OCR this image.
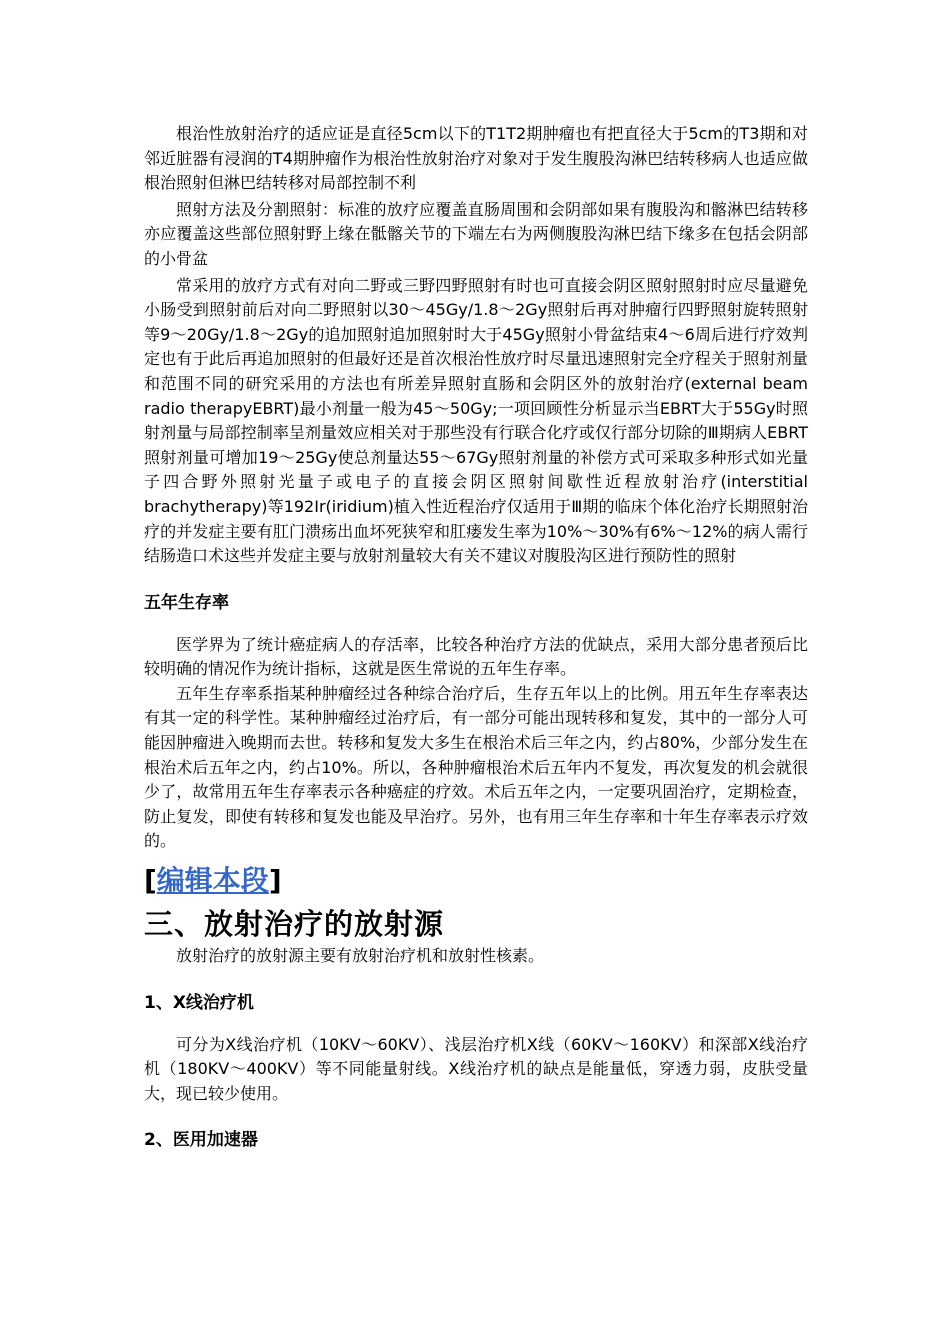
根治性放射治疗的适应证是直径5cm以下的T1T2期肿瘤也有把直径大于5cm的T3期和对邻近脏器有浸润的T4期肿瘤作为根治性放射治疗对象对于发生腹股沟淋巴结转移病人也适应做根治照射但淋巴结转移对局部控制不利

照射方法及分割照射：标准的放疗应覆盖直肠周围和会阴部如果有腹股沟和髂淋巴结转移亦应覆盖这些部位照射野上缘在骶髂关节的下端左右为两侧腹股沟淋巴结下缘多在包括会阴部的小骨盆

常采用的放疗方式有对向二野或三野四野照射有时也可直接会阴区照射照射时应尽量避免小肠受到照射前后对向二野照射以30～45Gy/1.8～2Gy照射后再对肿瘤行四野照射旋转照射等9～20Gy/1.8～2Gy的追加照射追加照射时大于45Gy照射小骨盆结束4～6周后进行疗效判定也有于此后再追加照射的但最好还是首次根治性放疗时尽量迅速照射完全疗程关于照射剂量和范围不同的研究采用的方法也有所差异照射直肠和会阴区外的放射治疗(external beam radio therapyEBRT)最小剂量一般为45～50Gy;一项回顾性分析显示当EBRT大于55Gy时照射剂量与局部控制率呈剂量效应相关对于那些没有行联合化疗或仅行部分切除的Ⅲ期病人EBRT照射剂量可增加19～25Gy使总剂量达55～67Gy照射剂量的补偿方式可采取多种形式如光量子四合野外照射光量子或电子的直接会阴区照射间歇性近程放射治疗(interstitial brachytherapy)等192Ir(iridium)植入性近程治疗仅适用于Ⅲ期的临床个体化治疗长期照射治疗的并发症主要有肛门溃疡出血坏死狭窄和肛瘘发生率为10%～30%有6%～12%的病人需行结肠造口术这些并发症主要与放射剂量较大有关不建议对腹股沟区进行预防性的照射

五年生存率

医学界为了统计癌症病人的存活率，比较各种治疗方法的优缺点，采用大部分患者预后比较明确的情况作为统计指标，这就是医生常说的五年生存率。

五年生存率系指某种肿瘤经过各种综合治疗后，生存五年以上的比例。用五年生存率表达有其一定的科学性。某种肿瘤经过治疗后，有一部分可能出现转移和复发，其中的一部分人可能因肿瘤进入晚期而去世。转移和复发大多生在根治术后三年之内，约占80%，少部分发生在根治术后五年之内，约占10%。所以，各种肿瘤根治术后五年内不复发，再次复发的机会就很少了，故常用五年生存率表示各种癌症的疗效。术后五年之内，一定要巩固治疗，定期检查，防止复发，即使有转移和复发也能及早治疗。另外，也有用三年生存率和十年生存率表示疗效的。

[编辑本段]

三、放射治疗的放射源

放射治疗的放射源主要有放射治疗机和放射性核素。

1、X线治疗机

可分为X线治疗机（10KV～60KV）、浅层治疗机X线（60KV～160KV）和深部X线治疗机（180KV～400KV）等不同能量射线。X线治疗机的缺点是能量低，穿透力弱，皮肤受量大，现已较少使用。

2、医用加速器
